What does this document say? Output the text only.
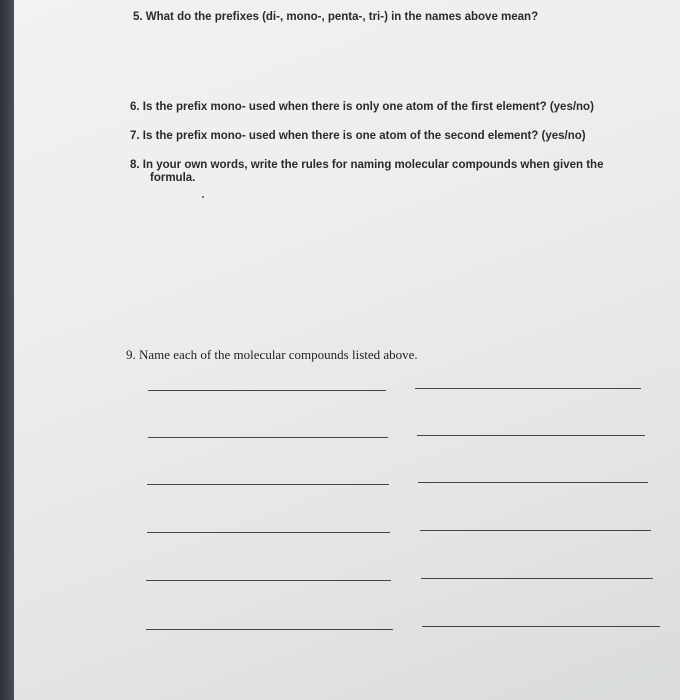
5. What do the prefixes (di-, mono-, penta-, tri-) in the names above mean?
6. Is the prefix mono- used when there is only one atom of the first element? (yes/no)
7. Is the prefix mono- used when there is one atom of the second element? (yes/no)
8. In your own words, write the rules for naming molecular compounds when given the
formula.
9. Name each of the molecular compounds listed above.
